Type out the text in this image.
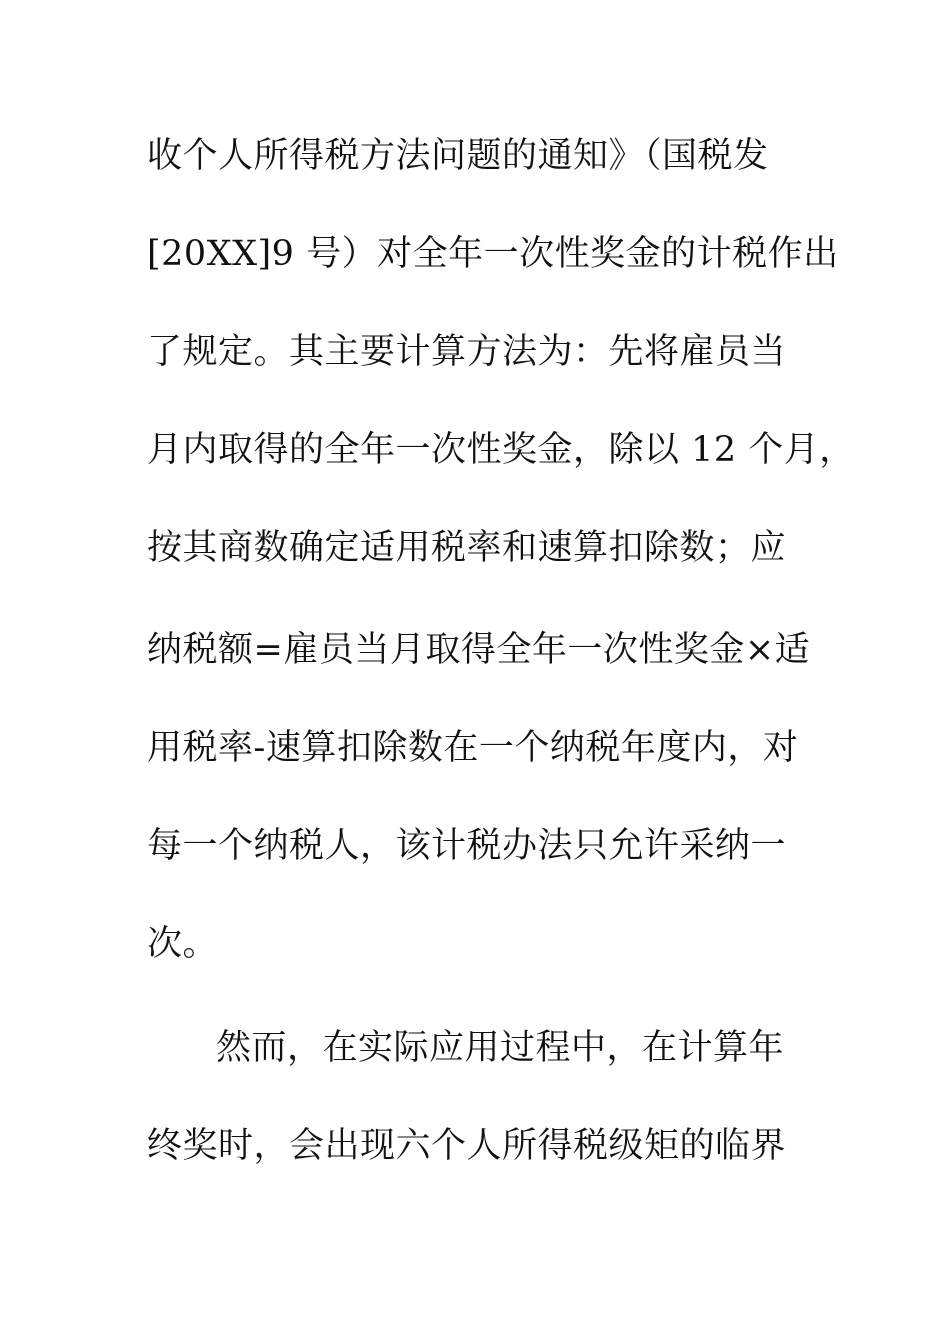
收个人所得税方法问题的通知》（国税发
[20XX]9 号）对全年一次性奖金的计税作出
了规定。其主要计算方法为：先将雇员当
月内取得的全年一次性奖金，除以 12 个月，
按其商数确定适用税率和速算扣除数；应
纳税额=雇员当月取得全年一次性奖金×适
用税率-速算扣除数在一个纳税年度内，对
每一个纳税人，该计税办法只允许采纳一
次。
然而，在实际应用过程中，在计算年
终奖时，会出现六个人所得税级矩的临界
